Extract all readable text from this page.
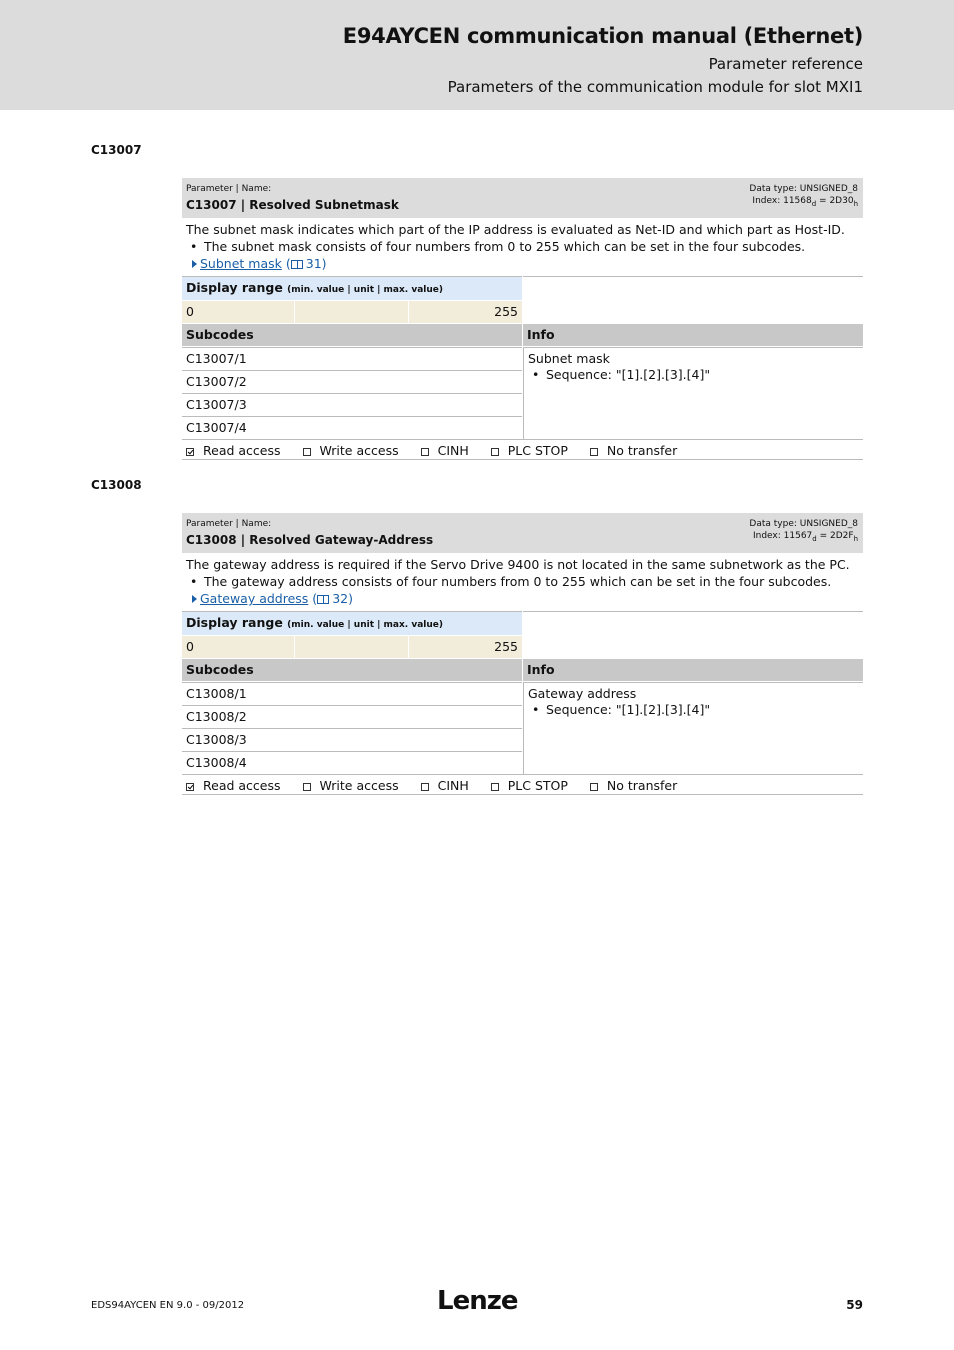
E94AYCEN communication manual (Ethernet)
Parameter reference
Parameters of the communication module for slot MXI1
C13007
Parameter | Name:
C13007 | Resolved Subnetmask
Data type: UNSIGNED_8
Index: $11568_d = 2D30_h$
The subnet mask indicates which part of the IP address is evaluated as Net-ID and which part as Host-ID.
• The subnet mask consists of four numbers from 0 to 255 which can be set in the four subcodes.
Subnet mask ( 31)
Display range (min. value | unit | max. value)
0	255
Subcodes	Info
C13007/1
C13007/2
C13007/3
C13007/4
Subnet mask
• Sequence: "[1].[2].[3].[4]"
Read access	Write access	CINH	PLC STOP	No transfer
C13008
Parameter | Name:
C13008 | Resolved Gateway-Address
Data type: UNSIGNED_8
Index: $11567_d = 2D2F_h$
The gateway address is required if the Servo Drive 9400 is not located in the same subnetwork as the PC.
• The gateway address consists of four numbers from 0 to 255 which can be set in the four subcodes.
Gateway address ( 32)
Display range (min. value | unit | max. value)
0	255
Subcodes	Info
C13008/1
C13008/2
C13008/3
C13008/4
Gateway address
• Sequence: "[1].[2].[3].[4]"
Read access	Write access	CINH	PLC STOP	No transfer
EDS94AYCEN EN 9.0 - 09/2012	Lenze	59
